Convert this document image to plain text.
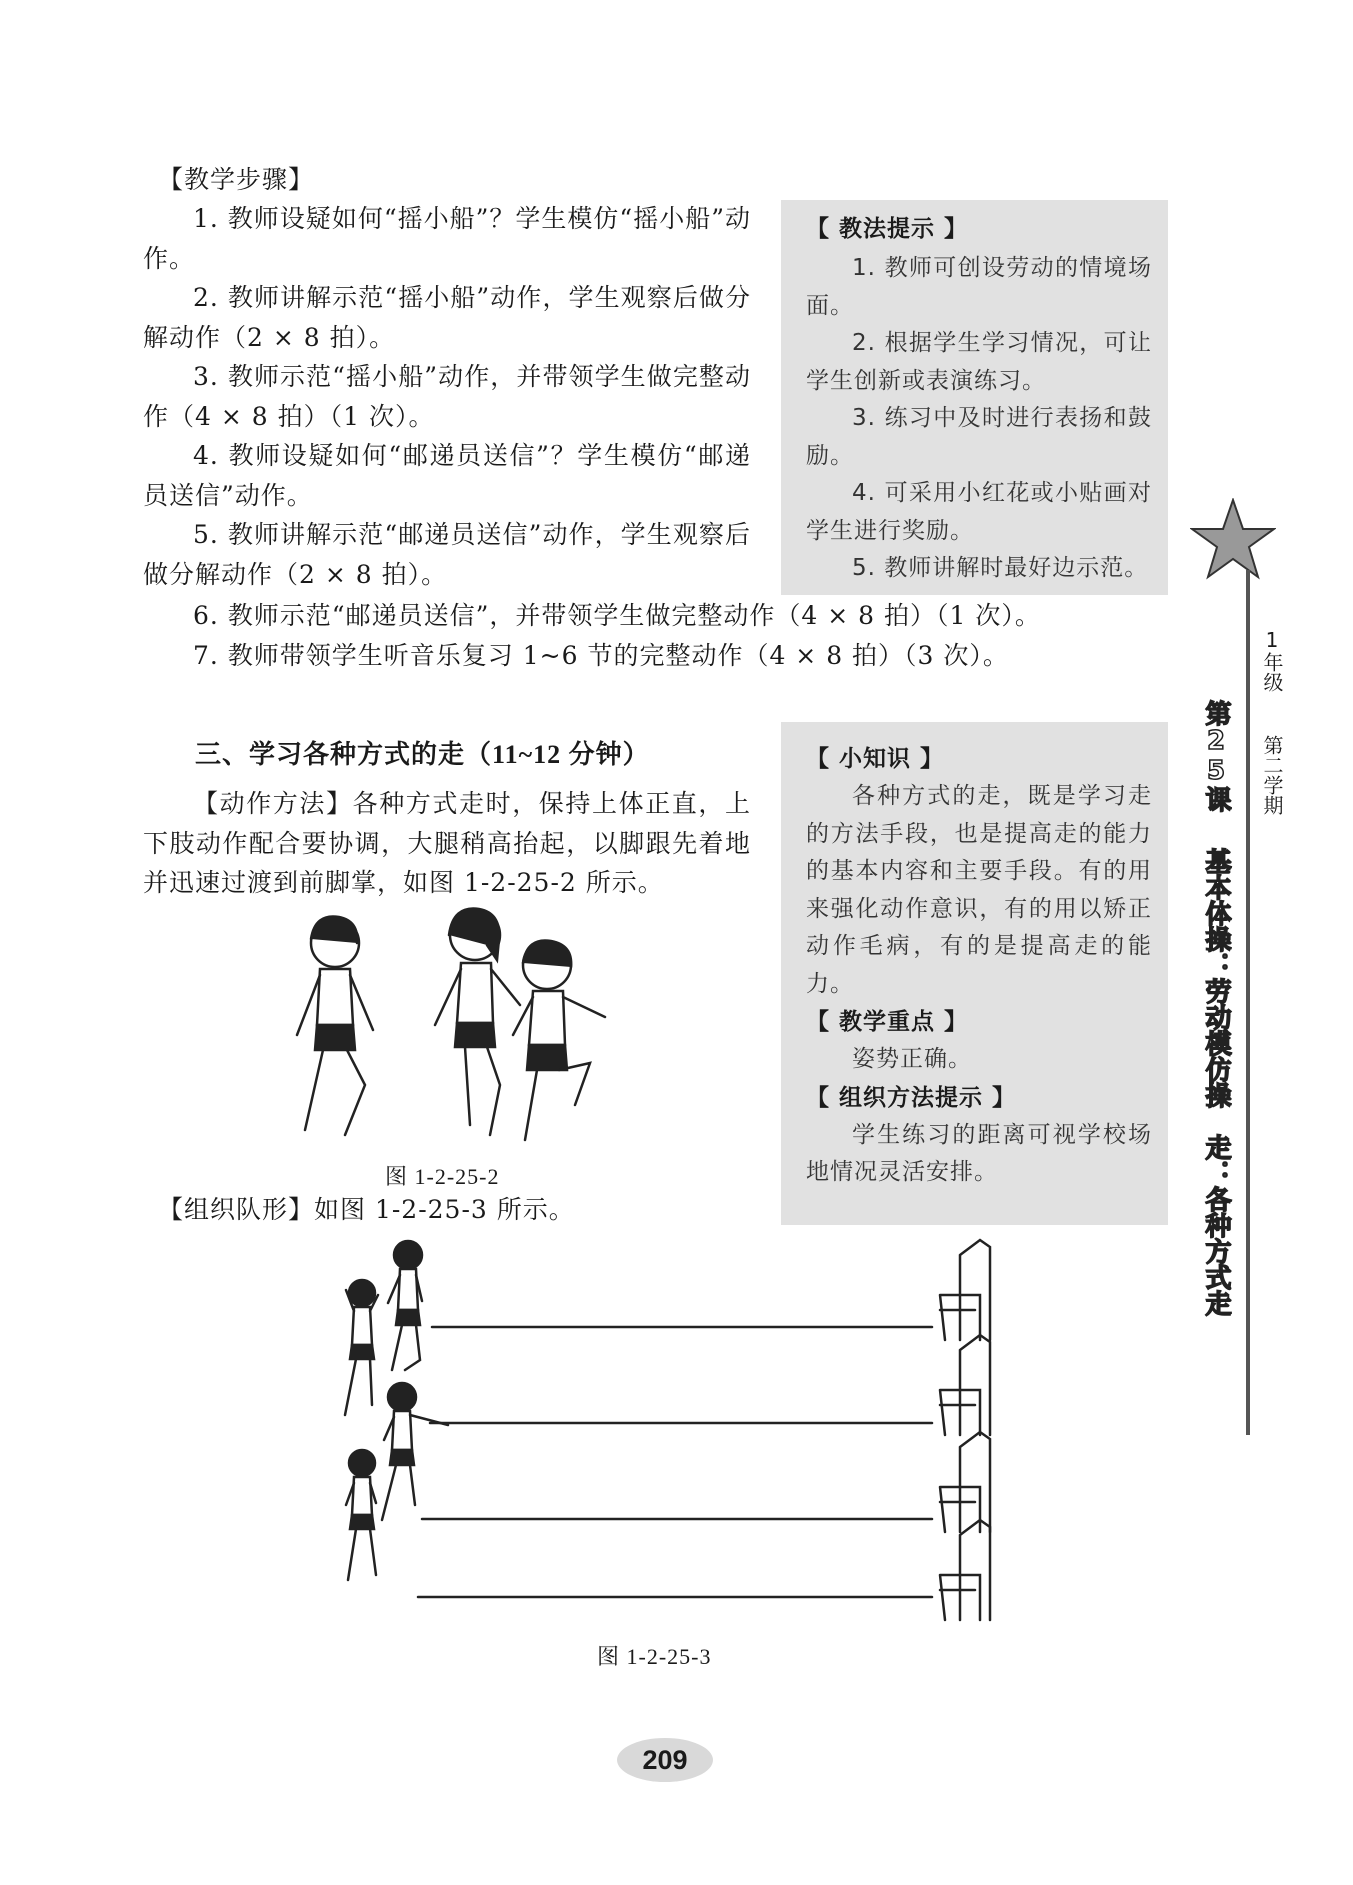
【教学步骤】
1. 教师设疑如何“摇小船”？学生模仿“摇小船”动作。
2. 教师讲解示范“摇小船”动作，学生观察后做分解动作（2 × 8 拍）。
3. 教师示范“摇小船”动作，并带领学生做完整动作（4 × 8 拍）（1 次）。
4. 教师设疑如何“邮递员送信”？学生模仿“邮递员送信”动作。
5. 教师讲解示范“邮递员送信”动作，学生观察后做分解动作（2 × 8 拍）。
6. 教师示范“邮递员送信”，并带领学生做完整动作（4 × 8 拍）（1 次）。
7. 教师带领学生听音乐复习 1~6 节的完整动作（4 × 8 拍）（3 次）。
【 教法提示 】
1. 教师可创设劳动的情境场面。
2. 根据学生学习情况，可让学生创新或表演练习。
3. 练习中及时进行表扬和鼓励。
4. 可采用小红花或小贴画对学生进行奖励。
5. 教师讲解时最好边示范。
三、学习各种方式的走（11~12 分钟）
【动作方法】各种方式走时，保持上体正直，上下肢动作配合要协调，大腿稍高抬起，以脚跟先着地并迅速过渡到前脚掌，如图 1-2-25-2 所示。
图 1-2-25-2
【组织队形】如图 1-2-25-3 所示。
【 小知识 】
各种方式的走，既是学习走的方法手段，也是提高走的能力的基本内容和主要手段。有的用来强化动作意识，有的用以矫正动作毛病，有的是提高走的能力。
【 教学重点 】
姿势正确。
【 组织方法提示 】
学生练习的距离可视学校场地情况灵活安排。
图 1-2-25-3
1年级
第二学期
第25课
基本体操：劳动模仿操　走：各种方式走
209
